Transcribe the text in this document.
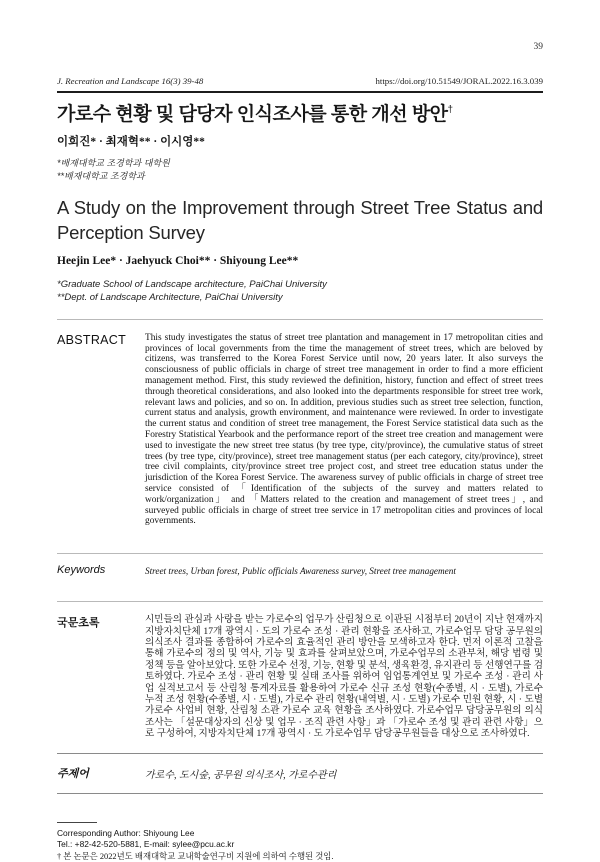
39
J. Recreation and Landscape 16(3) 39-48	https://doi.org/10.51549/JORAL.2022.16.3.039
가로수 현황 및 담당자 인식조사를 통한 개선 방안†
이희진* · 최재혁** · 이시영**
*배재대학교 조경학과 대학원
**배재대학교 조경학과
A Study on the Improvement through Street Tree Status and Perception Survey
Heejin Lee* · Jaehyuck Choi** · Shiyoung Lee**
*Graduate School of Landscape architecture, PaiChai University
**Dept. of Landscape Architecture, PaiChai University
ABSTRACT	This study investigates the status of street tree plantation and management in 17 metropolitan cities and provinces of local governments from the time the management of street trees, which are beloved by citizens, was transferred to the Korea Forest Service until now, 20 years later. It also surveys the consciousness of public officials in charge of street tree management in order to find a more efficient management method. First, this study reviewed the definition, history, function and effect of street trees through theoretical considerations, and also looked into the departments responsible for street tree work, relevant laws and policies, and so on. In addition, previous studies such as street tree selection, function, current status and analysis, growth environment, and maintenance were reviewed. In order to investigate the current status and condition of street tree management, the Forest Service statistical data such as the Forestry Statistical Yearbook and the performance report of the street tree creation and management were used to investigate the new street tree status (by tree type, city/province), the cumulative status of street trees (by tree type, city/province), street tree management status (per each category, city/province), street tree civil complaints, city/province street tree project cost, and street tree education status under the jurisdiction of the Korea Forest Service. The awareness survey of public officials in charge of street tree service consisted of 「Identification of the subjects of the survey and matters related to work/organization」 and 「Matters related to the creation and management of street trees」, and surveyed public officials in charge of street tree service in 17 metropolitan cities and provinces of local governments.
Keywords	Street trees, Urban forest, Public officials Awareness survey, Street tree management
국문초록	시민들의 관심과 사랑을 받는 가로수의 업무가 산림청으로 이관된 시점부터 20년이 지난 현재까지 지방자치단체 17개 광역시 · 도의 가로수 조성 · 관리 현황을 조사하고, 가로수업무 담당 공무원의 의식조사 결과를 종합하여 가로수의 효율적인 관리 방안을 모색하고자 한다. 먼저 이론적 고찰을 통해 가로수의 정의 및 역사, 기능 및 효과를 살펴보았으며, 가로수업무의 소관부처, 해당 법령 및 정책 등을 알아보았다. 또한 가로수 선정, 기능, 현황 및 분석, 생육환경, 유지관리 등 선행연구를 검토하였다. 가로수 조성 · 관리 현황 및 실태 조사를 위하여 임업통계연보 및 가로수 조성 · 관리 사업 실적보고서 등 산림청 통계자료를 활용하여 가로수 신규 조성 현황(수종별, 시 · 도별), 가로수 누적 조성 현황(수종별, 시 · 도별), 가로수 관리 현황(내역별, 시 · 도별) 가로수 민원 현황, 시 · 도별 가로수 사업비 현황, 산림청 소관 가로수 교육 현황을 조사하였다. 가로수업무 담당공무원의 의식조사는 「설문대상자의 신상 및 업무 · 조직 관련 사항」과 「가로수 조성 및 관리 관련 사항」으로 구성하여, 지방자치단체 17개 광역시 · 도 가로수업무 담당공무원들을 대상으로 조사하였다.
주제어	가로수, 도시숲, 공무원 의식조사, 가로수관리
Corresponding Author: Shiyoung Lee
Tel.: +82-42-520-5881, E-mail: sylee@pcu.ac.kr
† 본 논문은 2022년도 배재대학교 교내학술연구비 지원에 의하여 수행된 것임.
